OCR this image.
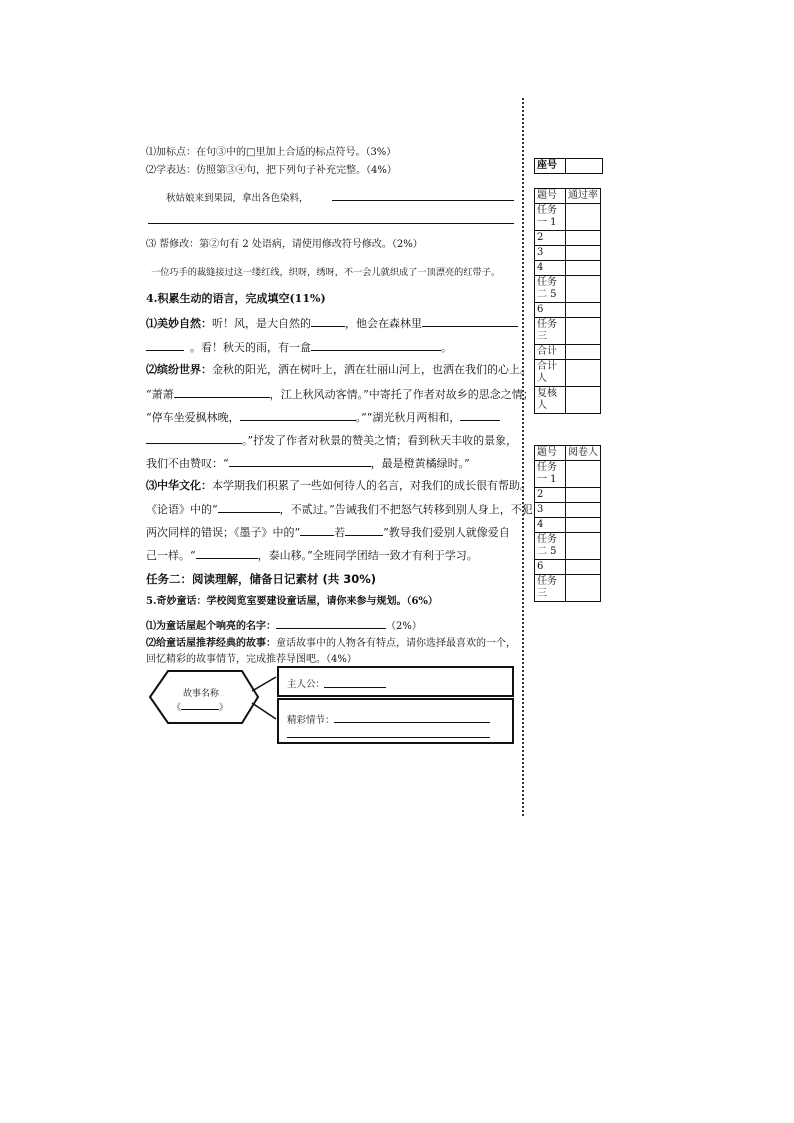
⑴加标点：在句③中的□里加上合适的标点符号。（3%）
⑵学表达：仿照第③④句，把下列句子补充完整。（4%）
秋姑娘来到果园，拿出各色染料，
⑶ 帮修改：第②句有 2 处语病，请使用修改符号修改。（2%）
一位巧手的裁缝接过这一缕红线，织呀，绣呀，不一会儿就织成了一顶漂亮的红带子。
4.积累生动的语言，完成填空(11%)
⑴美妙自然：听！风，是大自然的	，他会在森林里
。看！秋天的雨，有一盒	。
⑵缤纷世界：金秋的阳光，洒在树叶上，洒在壮丽山河上，也洒在我们的心上。
“萧萧	，江上秋风动客情。”中寄托了作者对故乡的思念之情；
“停车坐爱枫林晚，	。”“湖光秋月两相和，
。”抒发了作者对秋景的赞美之情；看到秋天丰收的景象，
我们不由赞叹：“	，最是橙黄橘绿时。”
⑶中华文化：本学期我们积累了一些如何待人的名言，对我们的成长很有帮助。
《论语》中的“	，不贰过。”告诫我们不把怒气转移到别人身上，不犯
两次同样的错误；《墨子》中的“	若	”教导我们爱别人就像爱自
己一样。“	，泰山移。”全班同学团结一致才有利于学习。
任务二：阅读理解，储备日记素材 (共 30%)
5.奇妙童话：学校阅览室要建设童话屋，请你来参与规划。（6%）
⑴为童话屋起个响亮的名字：	（2%）
⑵给童话屋推荐经典的故事：童话故事中的人物各有特点，请你选择最喜欢的一个，
回忆精彩的故事情节，完成推荐导图吧。（4%）
故事名称
《	》
主人公：
精彩情节：
座号	
题号	通过率
任务一 1	
2	
3	
4	
任务二 5	
6	
任务三	
合计	
合计人	
复核人	
题号	阅卷人
任务一 1	
2	
3	
4	
任务二 5	
6	
任务三	
